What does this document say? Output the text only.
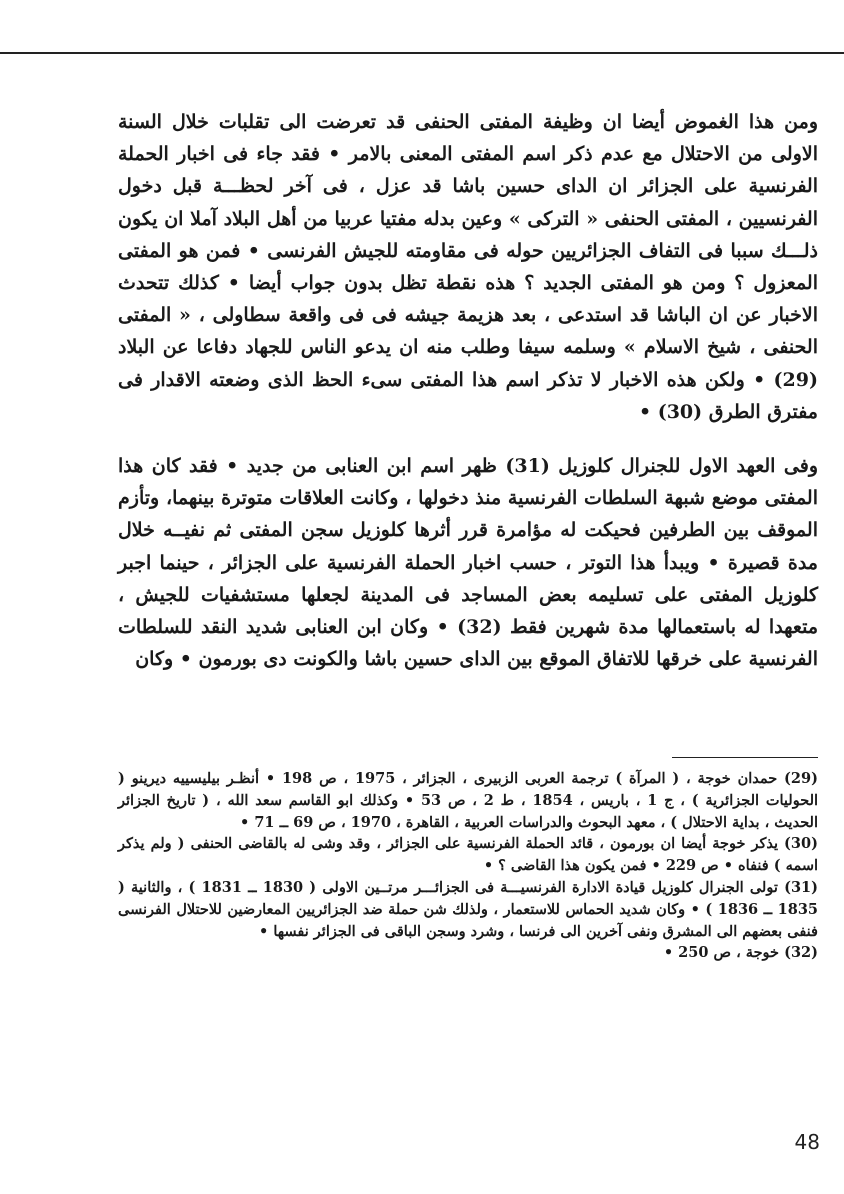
ومن هذا الغموض أيضا ان وظيفة المفتى الحنفى قد تعرضت الى تقلبات خلال السنة الاولى من الاحتلال مع عدم ذكر اسم المفتى المعنى بالامر • فقد جاء فى اخبار الحملة الفرنسية على الجزائر ان الداى حسين باشا قد عزل ، فى آخر لحظـــة قبل دخول الفرنسيين ، المفتى الحنفى « التركى » وعين بدله مفتيا عربيا من أهل البلاد آملا ان يكون ذلـــك سببا فى التفاف الجزائريين حوله فى مقاومته للجيش الفرنسى • فمن هو المفتى المعزول ؟ ومن هو المفتى الجديد ؟ هذه نقطة تظل بدون جواب أيضا • كذلك تتحدث الاخبار عن ان الباشا قد استدعى ، بعد هزيمة جيشه فى فى واقعة سطاولى ، « المفتى الحنفى ، شيخ الاسلام » وسلمه سيفا وطلب منه ان يدعو الناس للجهاد دفاعا عن البلاد (29) • ولكن هذه الاخبار لا تذكر اسم هذا المفتى سىء الحظ الذى وضعته الاقدار فى مفترق الطرق (30) •

وفى العهد الاول للجنرال كلوزيل (31) ظهر اسم ابن العنابى من جديد • فقد كان هذا المفتى موضع شبهة السلطات الفرنسية منذ دخولها ، وكانت العلاقات متوترة بينهما، وتأزم الموقف بين الطرفين فحيكت له مؤامرة قرر أثرها كلوزيل سجن المفتى ثم نفيــه خلال مدة قصيرة • ويبدأ هذا التوتر ، حسب اخبار الحملة الفرنسية على الجزائر ، حينما اجبر كلوزيل المفتى على تسليمه بعض المساجد فى المدينة لجعلها مستشفيات للجيش ، متعهدا له باستعمالها مدة شهرين فقط (32) • وكان ابن العنابى شديد النقد للسلطات الفرنسية على خرقها للاتفاق الموقع بين الداى حسين باشا والكونت دى بورمون • وكان

(29) حمدان خوجة ، ( المرآة ) ترجمة العربى الزبيرى ، الجزائر ، 1975 ، ص 198 • أنظـر بيليسييه ديرينو ( الحوليات الجزائرية ) ، ج 1 ، باريس ، 1854 ، ط 2 ، ص 53 • وكذلك ابو القاسم سعد الله ، ( تاريخ الجزائر الحديث ، بداية الاحتلال ) ، معهد البحوث والدراسات العربية ، القاهرة ، 1970 ، ص 69 ــ 71 •

(30) يذكر خوجة أيضا ان بورمون ، قائد الحملة الفرنسية على الجزائر ، وقد وشى له بالقاضى الحنفى ( ولم يذكر اسمه ) فنفاه • ص 229 • فمن يكون هذا القاضى ؟ •

(31) تولى الجنرال كلوزيل قيادة الادارة الفرنسيـــة فى الجزائـــر مرتــين الاولى ( 1830 ــ 1831 ) ، والثانية ( 1835 ــ 1836 ) • وكان شديد الحماس للاستعمار ، ولذلك شن حملة ضد الجزائريين المعارضين للاحتلال الفرنسى فنفى بعضهم الى المشرق ونفى آخرين الى فرنسا ، وشرد وسجن الباقى فى الجزائر نفسها •

(32) خوجة ، ص 250 •

48
